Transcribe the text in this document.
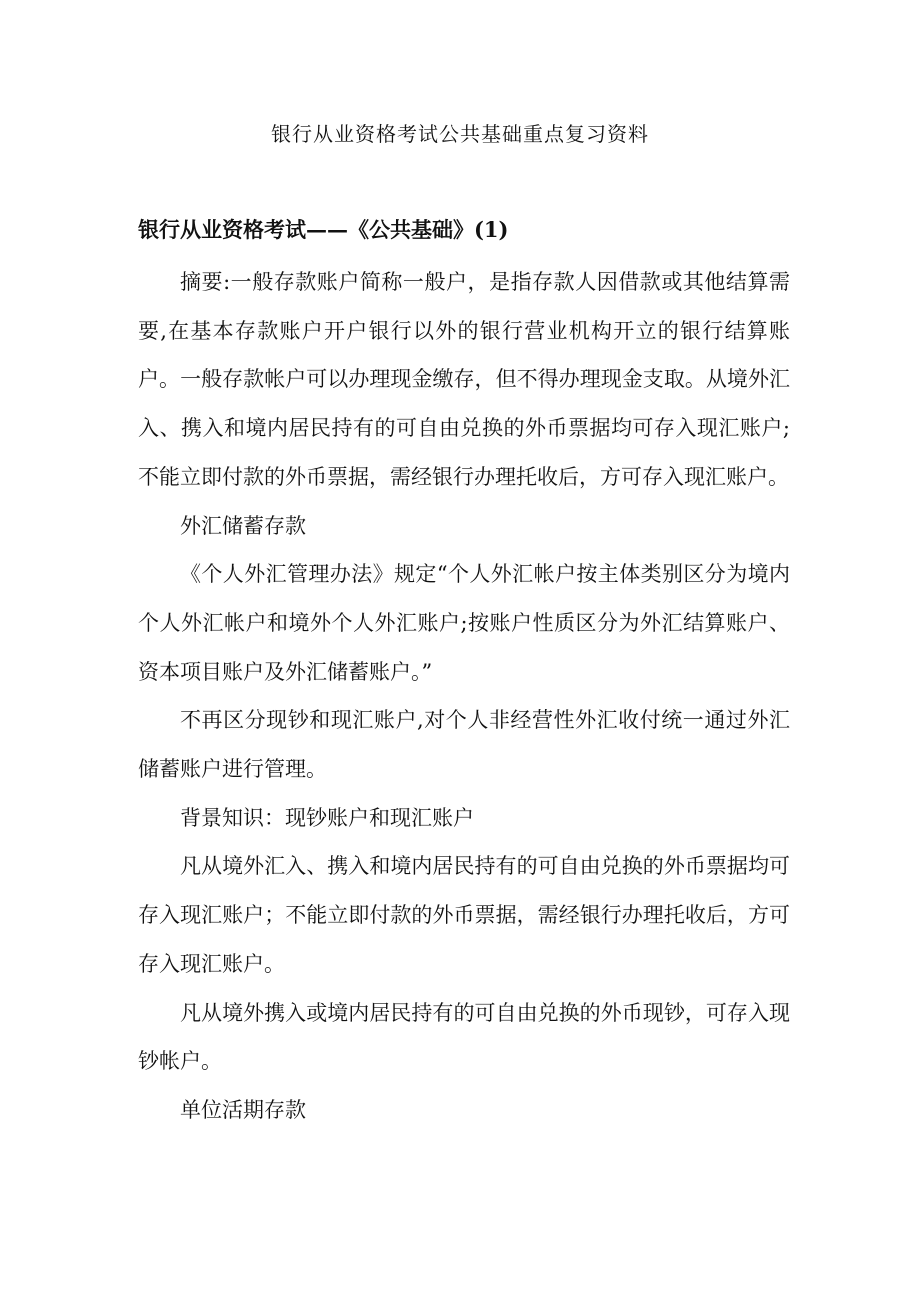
银行从业资格考试公共基础重点复习资料
银行从业资格考试——《公共基础》(1)

摘要:一般存款账户简称一般户，是指存款人因借款或其他结算需要,在基本存款账户开户银行以外的银行营业机构开立的银行结算账户。一般存款帐户可以办理现金缴存，但不得办理现金支取。从境外汇入、携入和境内居民持有的可自由兑换的外币票据均可存入现汇账户;不能立即付款的外币票据，需经银行办理托收后，方可存入现汇账户。

外汇储蓄存款

《个人外汇管理办法》规定“个人外汇帐户按主体类别区分为境内个人外汇帐户和境外个人外汇账户;按账户性质区分为外汇结算账户、资本项目账户及外汇储蓄账户。”

不再区分现钞和现汇账户,对个人非经营性外汇收付统一通过外汇储蓄账户进行管理。

背景知识：现钞账户和现汇账户

凡从境外汇入、携入和境内居民持有的可自由兑换的外币票据均可存入现汇账户；不能立即付款的外币票据，需经银行办理托收后，方可存入现汇账户。

凡从境外携入或境内居民持有的可自由兑换的外币现钞，可存入现钞帐户。

单位活期存款
